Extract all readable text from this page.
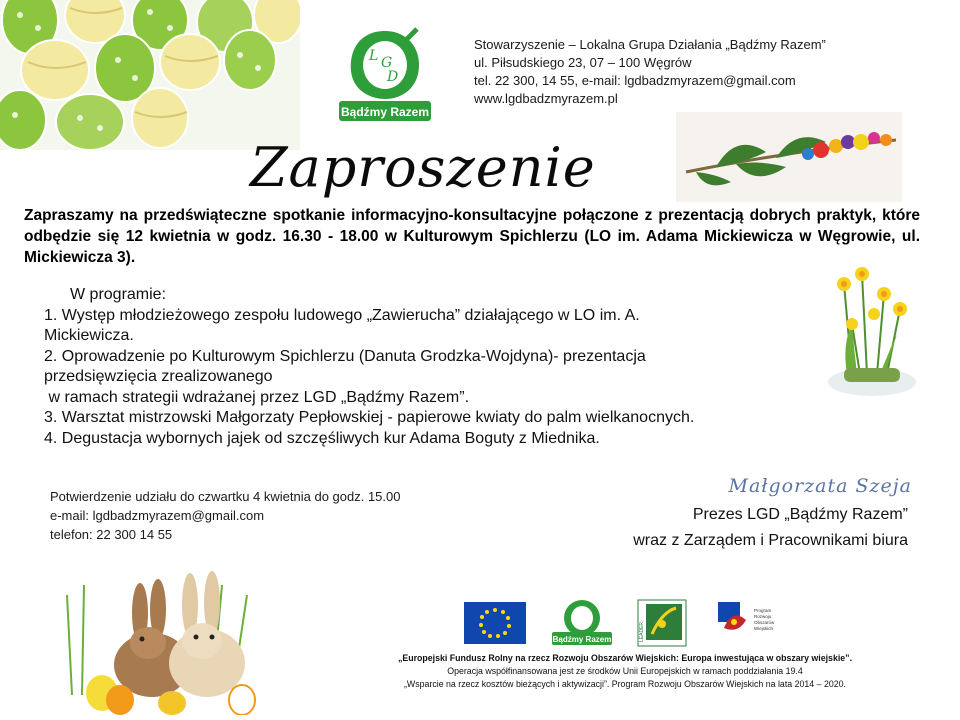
L G
D
Bądźmy Razem
Stowarzyszenie – Lokalna Grupa Działania „Bądźmy Razem”
ul. Piłsudskiego 23, 07 – 100 Węgrów
tel. 22 300, 14 55, e-mail: lgdbadzmyrazem@gmail.com
www.lgdbadzmyrazem.pl
Zaproszenie
Zapraszamy na przedświąteczne spotkanie informacyjno-konsultacyjne połączone z prezentacją dobrych praktyk, które odbędzie się 12 kwietnia w godz. 16.30 - 18.00 w Kulturowym Spichlerzu (LO im. Adama Mickiewicza w Węgrowie, ul. Mickiewicza 3).
W programie:
1. Występ młodzieżowego zespołu ludowego „Zawierucha” działającego w LO im. A.
Mickiewicza.
2. Oprowadzenie po Kulturowym Spichlerzu (Danuta Grodzka-Wojdyna)- prezentacja
przedsięwzięcia zrealizowanego
w ramach strategii wdrażanej przez LGD „Bądźmy Razem”.
3. Warsztat mistrzowski Małgorzaty Pepłowskiej - papierowe kwiaty do palm wielkanocnych.
4. Degustacja wybornych jajek od szczęśliwych kur Adama Boguty z Miednika.
Potwierdzenie udziału do czwartku 4 kwietnia do godz. 15.00
e-mail: lgdbadzmyrazem@gmail.com
telefon: 22 300 14 55
Małgorzata Szeja
Prezes LGD „Bądźmy Razem”
wraz z Zarządem i Pracownikami biura
Bądźmy Razem	LEADER
Program
Rozwoju
Obszarów
Wiejskich
„Europejski Fundusz Rolny na rzecz Rozwoju Obszarów Wiejskich: Europa inwestująca w obszary wiejskie”.
Operacja współfinansowana jest ze środków Unii Europejskich w ramach poddziałania 19.4
„Wsparcie na rzecz kosztów bieżących i aktywizacji”. Program Rozwoju Obszarów Wiejskich na lata 2014 – 2020.
